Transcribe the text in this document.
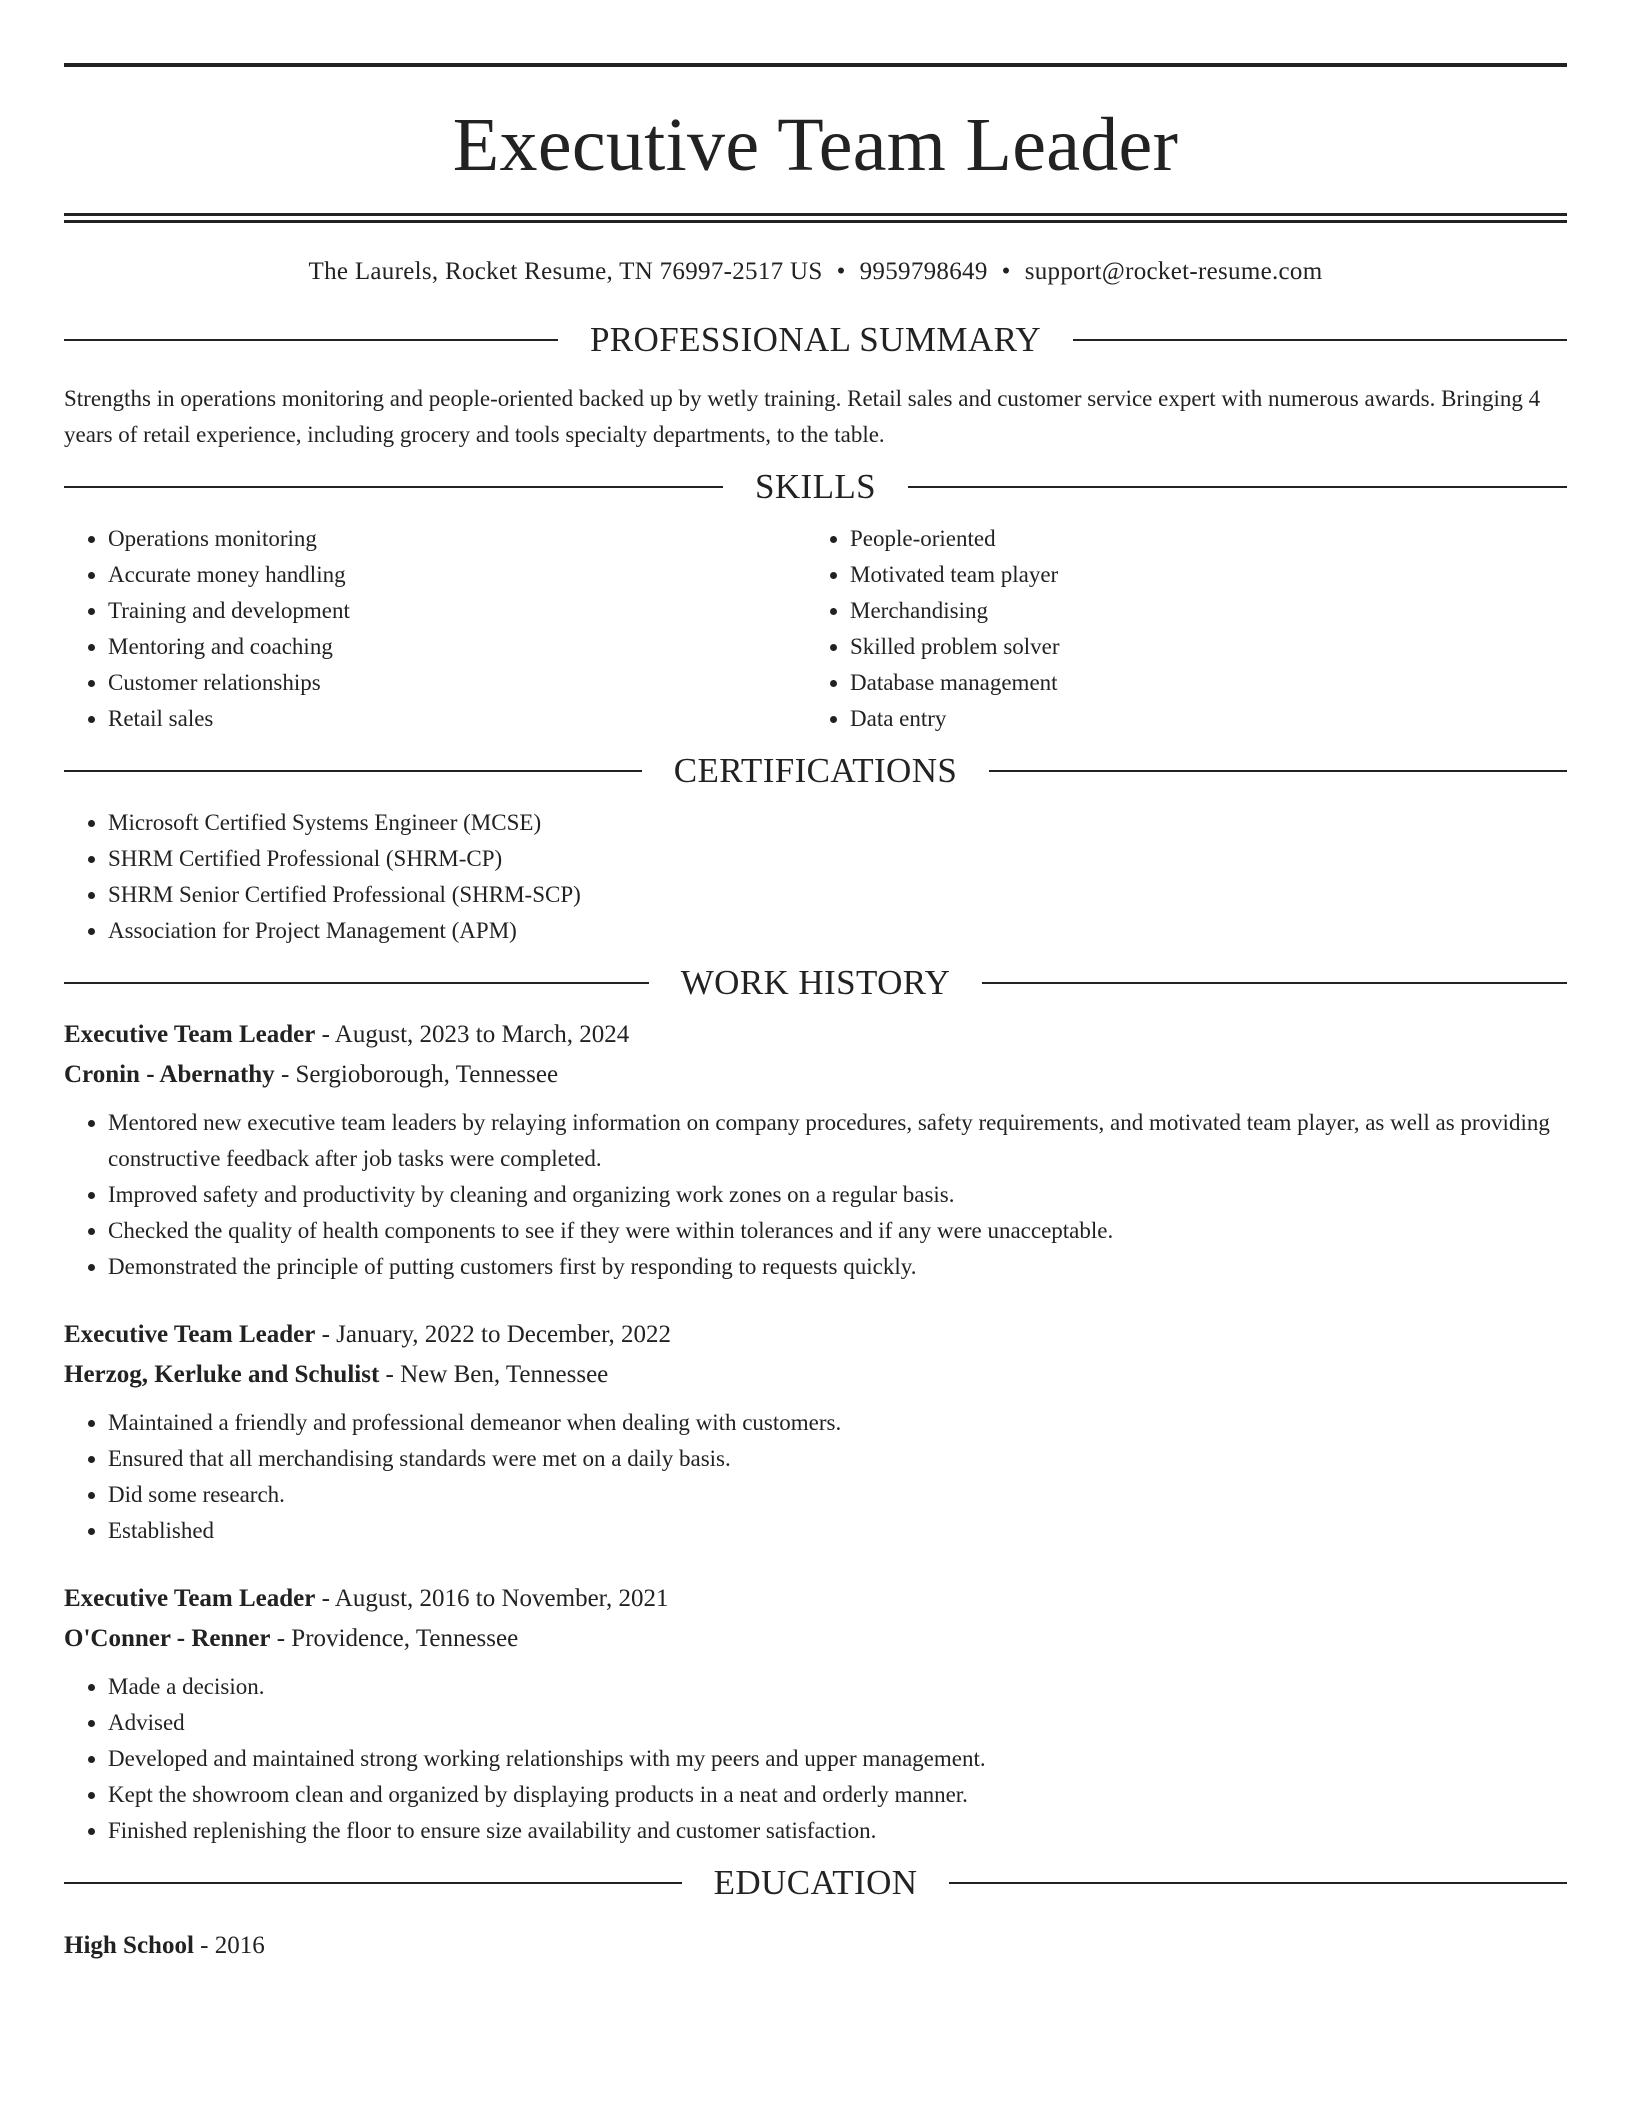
Executive Team Leader
The Laurels, Rocket Resume, TN 76997-2517 US • 9959798649 • support@rocket-resume.com
PROFESSIONAL SUMMARY

Strengths in operations monitoring and people-oriented backed up by wetly training. Retail sales and customer service expert with numerous awards. Bringing 4 years of retail experience, including grocery and tools specialty departments, to the table.

SKILLS
• Operations monitoring
• Accurate money handling
• Training and development
• Mentoring and coaching
• Customer relationships
• Retail sales
• People-oriented
• Motivated team player
• Merchandising
• Skilled problem solver
• Database management
• Data entry
CERTIFICATIONS
• Microsoft Certified Systems Engineer (MCSE)
• SHRM Certified Professional (SHRM-CP)
• SHRM Senior Certified Professional (SHRM-SCP)
• Association for Project Management (APM)
WORK HISTORY
Executive Team Leader - August, 2023 to March, 2024
Cronin - Abernathy - Sergioborough, Tennessee
• Mentored new executive team leaders by relaying information on company procedures, safety requirements, and motivated team player, as well as providing constructive feedback after job tasks were completed.
• Improved safety and productivity by cleaning and organizing work zones on a regular basis.
• Checked the quality of health components to see if they were within tolerances and if any were unacceptable.
• Demonstrated the principle of putting customers first by responding to requests quickly.
Executive Team Leader - January, 2022 to December, 2022
Herzog, Kerluke and Schulist - New Ben, Tennessee
• Maintained a friendly and professional demeanor when dealing with customers.
• Ensured that all merchandising standards were met on a daily basis.
• Did some research.
• Established
Executive Team Leader - August, 2016 to November, 2021
O'Conner - Renner - Providence, Tennessee
• Made a decision.
• Advised
• Developed and maintained strong working relationships with my peers and upper management.
• Kept the showroom clean and organized by displaying products in a neat and orderly manner.
• Finished replenishing the floor to ensure size availability and customer satisfaction.
EDUCATION
High School - 2016
